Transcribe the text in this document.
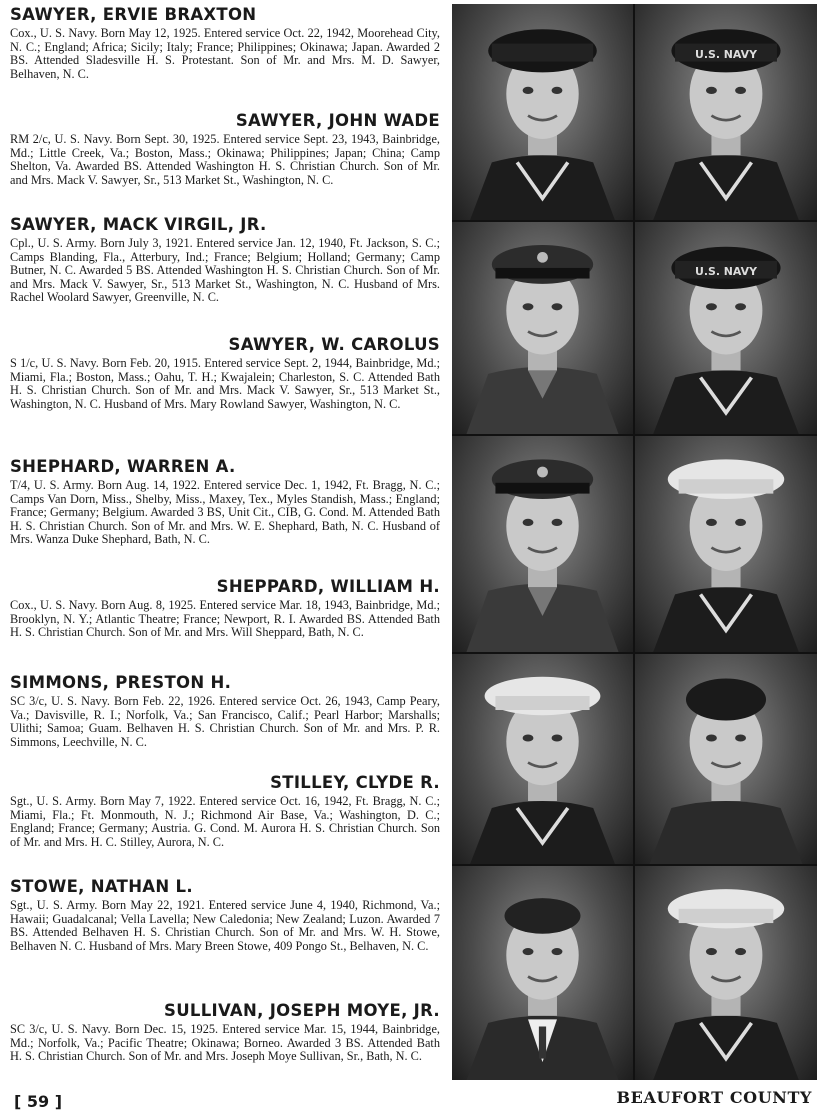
SAWYER, ERVIE BRAXTON

Cox., U. S. Navy. Born May 12, 1925. Entered service Oct. 22, 1942, Moorehead City, N. C.; England; Africa; Sicily; Italy; France; Philippines; Okinawa; Japan. Awarded 2 BS. Attended Sladesville H. S. Protestant. Son of Mr. and Mrs. M. D. Sawyer, Belhaven, N. C.

SAWYER, JOHN WADE

RM 2/c, U. S. Navy. Born Sept. 30, 1925. Entered service Sept. 23, 1943, Bainbridge, Md.; Little Creek, Va.; Boston, Mass.; Okinawa; Philippines; Japan; China; Camp Shelton, Va. Awarded BS. Attended Washington H. S. Christian Church. Son of Mr. and Mrs. Mack V. Sawyer, Sr., 513 Market St., Washington, N. C.

SAWYER, MACK VIRGIL, JR.

Cpl., U. S. Army. Born July 3, 1921. Entered service Jan. 12, 1940, Ft. Jackson, S. C.; Camps Blanding, Fla., Atterbury, Ind.; France; Belgium; Holland; Germany; Camp Butner, N. C. Awarded 5 BS. Attended Washington H. S. Christian Church. Son of Mr. and Mrs. Mack V. Sawyer, Sr., 513 Market St., Washington, N. C. Husband of Mrs. Rachel Woolard Sawyer, Greenville, N. C.

SAWYER, W. CAROLUS

S 1/c, U. S. Navy. Born Feb. 20, 1915. Entered service Sept. 2, 1944, Bainbridge, Md.; Miami, Fla.; Boston, Mass.; Oahu, T. H.; Kwajalein; Charleston, S. C. Attended Bath H. S. Christian Church. Son of Mr. and Mrs. Mack V. Sawyer, Sr., 513 Market St., Washington, N. C. Husband of Mrs. Mary Rowland Sawyer, Washington, N. C.

SHEPHARD, WARREN A.

T/4, U. S. Army. Born Aug. 14, 1922. Entered service Dec. 1, 1942, Ft. Bragg, N. C.; Camps Van Dorn, Miss., Shelby, Miss., Maxey, Tex., Myles Standish, Mass.; England; France; Germany; Belgium. Awarded 3 BS, Unit Cit., CIB, G. Cond. M. Attended Bath H. S. Christian Church. Son of Mr. and Mrs. W. E. Shephard, Bath, N. C. Husband of Mrs. Wanza Duke Shephard, Bath, N. C.

SHEPPARD, WILLIAM H.

Cox., U. S. Navy. Born Aug. 8, 1925. Entered service Mar. 18, 1943, Bainbridge, Md.; Brooklyn, N. Y.; Atlantic Theatre; France; Newport, R. I. Awarded BS. Attended Bath H. S. Christian Church. Son of Mr. and Mrs. Will Sheppard, Bath, N. C.

SIMMONS, PRESTON H.

SC 3/c, U. S. Navy. Born Feb. 22, 1926. Entered service Oct. 26, 1943, Camp Peary, Va.; Davisville, R. I.; Norfolk, Va.; San Francisco, Calif.; Pearl Harbor; Marshalls; Ulithi; Samoa; Guam. Belhaven H. S. Christian Church. Son of Mr. and Mrs. P. R. Simmons, Leechville, N. C.

STILLEY, CLYDE R.

Sgt., U. S. Army. Born May 7, 1922. Entered service Oct. 16, 1942, Ft. Bragg, N. C.; Miami, Fla.; Ft. Monmouth, N. J.; Richmond Air Base, Va.; Washington, D. C.; England; France; Germany; Austria. G. Cond. M. Aurora H. S. Christian Church. Son of Mr. and Mrs. H. C. Stilley, Aurora, N. C.

STOWE, NATHAN L.

Sgt., U. S. Army. Born May 22, 1921. Entered service June 4, 1940, Richmond, Va.; Hawaii; Guadalcanal; Vella Lavella; New Caledonia; New Zealand; Luzon. Awarded 7 BS. Attended Belhaven H. S. Christian Church. Son of Mr. and Mrs. W. H. Stowe, Belhaven N. C. Husband of Mrs. Mary Breen Stowe, 409 Pongo St., Belhaven, N. C.

SULLIVAN, JOSEPH MOYE, JR.

SC 3/c, U. S. Navy. Born Dec. 15, 1925. Entered service Mar. 15, 1944, Bainbridge, Md.; Norfolk, Va.; Pacific Theatre; Okinawa; Borneo. Awarded 3 BS. Attended Bath H. S. Christian Church. Son of Mr. and Mrs. Joseph Moye Sullivan, Sr., Bath, N. C.

U.S. NAVY
U.S. NAVY
[ 59 ]	BEAUFORT COUNTY
